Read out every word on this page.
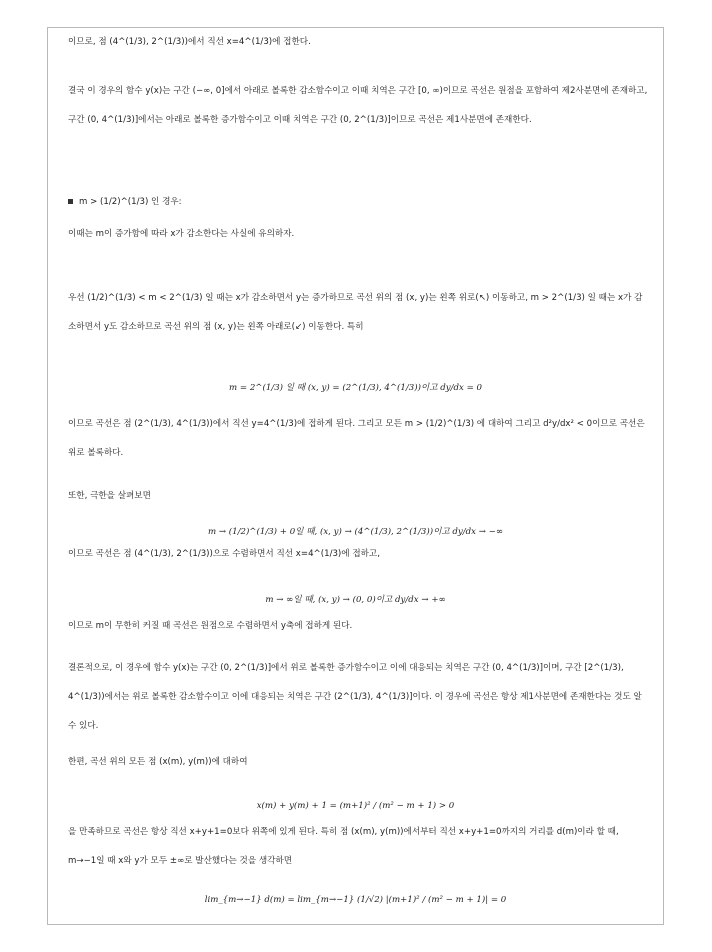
이므로, 점 (4^(1/3), 2^(1/3))에서 직선 x=4^(1/3)에 접한다.
결국 이 경우의 함수 y(x)는 구간 (−∞, 0]에서 아래로 볼록한 감소함수이고 이때 치역은 구간 [0, ∞)이므로 곡선은 원점을 포함하여 제2사분면에 존재하고, 구간 (0, 4^(1/3)]에서는 아래로 볼록한 증가함수이고 이때 치역은 구간 (0, 2^(1/3)]이므로 곡선은 제1사분면에 존재한다.
m > (1/2)^(1/3) 인 경우:
이때는 m이 증가함에 따라 x가 감소한다는 사실에 유의하자.
우선 (1/2)^(1/3) < m < 2^(1/3) 일 때는 x가 감소하면서 y는 증가하므로 곡선 위의 점 (x, y)는 왼쪽 위로(↖) 이동하고, m > 2^(1/3) 일 때는 x가 감소하면서 y도 감소하므로 곡선 위의 점 (x, y)는 왼쪽 아래로(↙) 이동한다. 특히
m = 2^(1/3) 일 때 (x, y) = (2^(1/3), 4^(1/3))이고 dy/dx = 0
이므로 곡선은 점 (2^(1/3), 4^(1/3))에서 직선 y=4^(1/3)에 접하게 된다. 그리고 모든 m > (1/2)^(1/3) 에 대하여 그리고 d²y/dx² < 0이므로 곡선은 위로 볼록하다.
또한, 극한을 살펴보면
m → (1/2)^(1/3) + 0일 때, (x, y) → (4^(1/3), 2^(1/3))이고 dy/dx → −∞
이므로 곡선은 점 (4^(1/3), 2^(1/3))으로 수렴하면서 직선 x=4^(1/3)에 접하고,
m → ∞일 때, (x, y) → (0, 0)이고 dy/dx → +∞
이므로 m이 무한히 커질 때 곡선은 원점으로 수렴하면서 y축에 접하게 된다.
결론적으로, 이 경우에 함수 y(x)는 구간 (0, 2^(1/3)]에서 위로 볼록한 증가함수이고 이에 대응되는 치역은 구간 (0, 4^(1/3)]이며, 구간 [2^(1/3), 4^(1/3))에서는 위로 볼록한 감소함수이고 이에 대응되는 치역은 구간 (2^(1/3), 4^(1/3)]이다. 이 경우에 곡선은 항상 제1사분면에 존재한다는 것도 알 수 있다.
한편, 곡선 위의 모든 점 (x(m), y(m))에 대하여
x(m) + y(m) + 1 = (m+1)² / (m² − m + 1) > 0
을 만족하므로 곡선은 항상 직선 x+y+1=0보다 위쪽에 있게 된다. 특히 점 (x(m), y(m))에서부터 직선 x+y+1=0까지의 거리를 d(m)이라 할 때, m→−1일 때 x와 y가 모두 ±∞로 발산했다는 것을 생각하면
lim_{m→−1} d(m) = lim_{m→−1} (1/√2) |(m+1)² / (m² − m + 1)| = 0
